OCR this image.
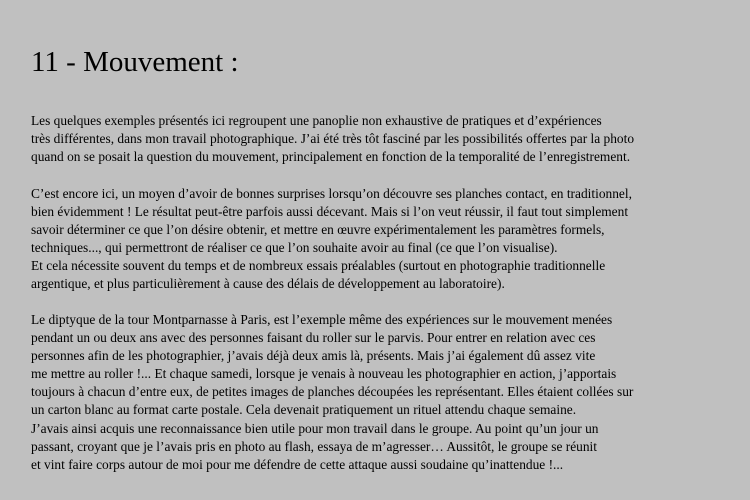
11 - Mouvement :

Les quelques exemples présentés ici regroupent une panoplie non exhaustive de pratiques et d’expériences
très différentes, dans mon travail photographique. J’ai été très tôt fasciné par les possibilités offertes par la photo
quand on se posait la question du mouvement, principalement en fonction de la temporalité de l’enregistrement.

C’est encore ici, un moyen d’avoir de bonnes surprises lorsqu’on découvre ses planches contact, en traditionnel,
bien évidemment ! Le résultat peut-être parfois aussi décevant. Mais si l’on veut réussir, il faut tout simplement
savoir déterminer ce que l’on désire obtenir, et mettre en œuvre expérimentalement les paramètres formels,
techniques..., qui permettront de réaliser ce que l’on souhaite avoir au final (ce que l’on visualise).
Et cela nécessite souvent du temps et de nombreux essais préalables (surtout en photographie traditionnelle
argentique, et plus particulièrement à cause des délais de développement au laboratoire).

Le diptyque de la tour Montparnasse à Paris, est l’exemple même des expériences sur le mouvement menées
pendant un ou deux ans avec des personnes faisant du roller sur le parvis. Pour entrer en relation avec ces
personnes afin de les photographier, j’avais déjà deux amis là, présents. Mais j’ai également dû assez vite
me mettre au roller !... Et chaque samedi, lorsque je venais à nouveau les photographier en action, j’apportais
toujours à chacun d’entre eux, de petites images de planches découpées les représentant. Elles étaient collées sur
un carton blanc au format carte postale. Cela devenait pratiquement un rituel attendu chaque semaine.
J’avais ainsi acquis une reconnaissance bien utile pour mon travail dans le groupe. Au point qu’un jour un
passant, croyant que je l’avais pris en photo au flash, essaya de m’agresser… Aussitôt, le groupe se réunit
et vint faire corps autour de moi pour me défendre de cette attaque aussi soudaine qu’inattendue !...
